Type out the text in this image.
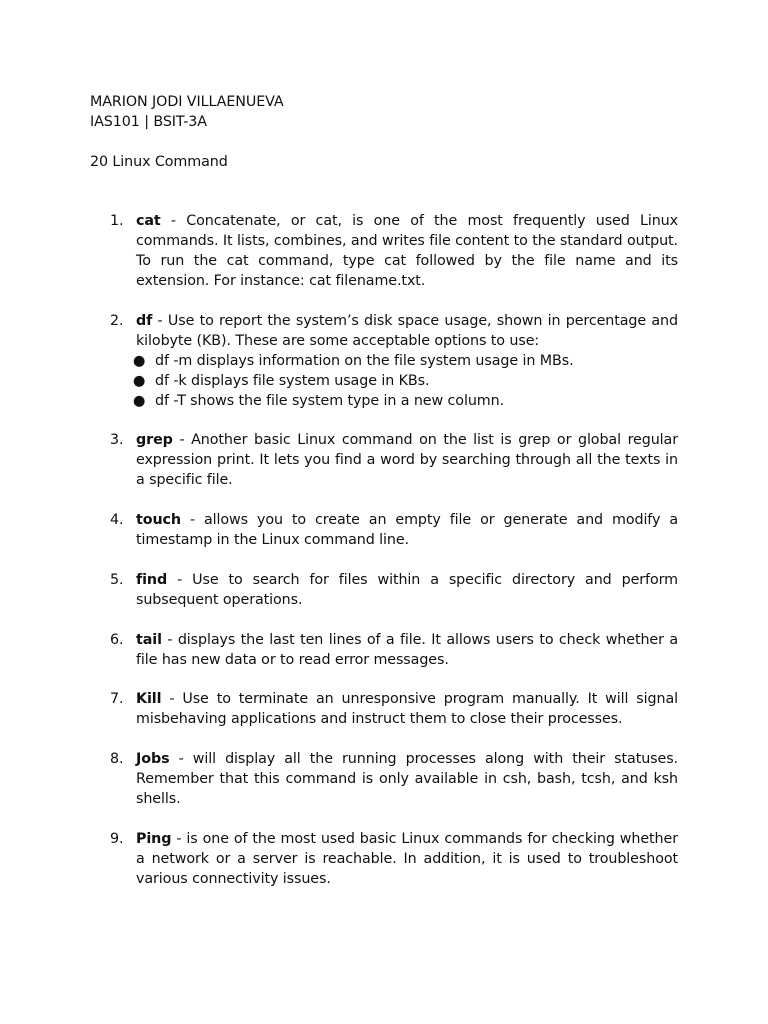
MARION JODI VILLAENUEVA
IAS101 | BSIT-3A
20 Linux Command
1. cat - Concatenate, or cat, is one of the most frequently used Linux commands. It lists, combines, and writes file content to the standard output. To run the cat command, type cat followed by the file name and its extension. For instance: cat filename.txt.
2. df - Use to report the system’s disk space usage, shown in percentage and kilobyte (KB). These are some acceptable options to use:
● df -m displays information on the file system usage in MBs.
● df -k displays file system usage in KBs.
● df -T shows the file system type in a new column.
3. grep - Another basic Linux command on the list is grep or global regular expression print. It lets you find a word by searching through all the texts in a specific file.
4. touch - allows you to create an empty file or generate and modify a timestamp in the Linux command line.
5. find - Use to search for files within a specific directory and perform subsequent operations.
6. tail - displays the last ten lines of a file. It allows users to check whether a file has new data or to read error messages.
7. Kill - Use to terminate an unresponsive program manually. It will signal misbehaving applications and instruct them to close their processes.
8. Jobs - will display all the running processes along with their statuses. Remember that this command is only available in csh, bash, tcsh, and ksh shells.
9. Ping - is one of the most used basic Linux commands for checking whether a network or a server is reachable. In addition, it is used to troubleshoot various connectivity issues.
